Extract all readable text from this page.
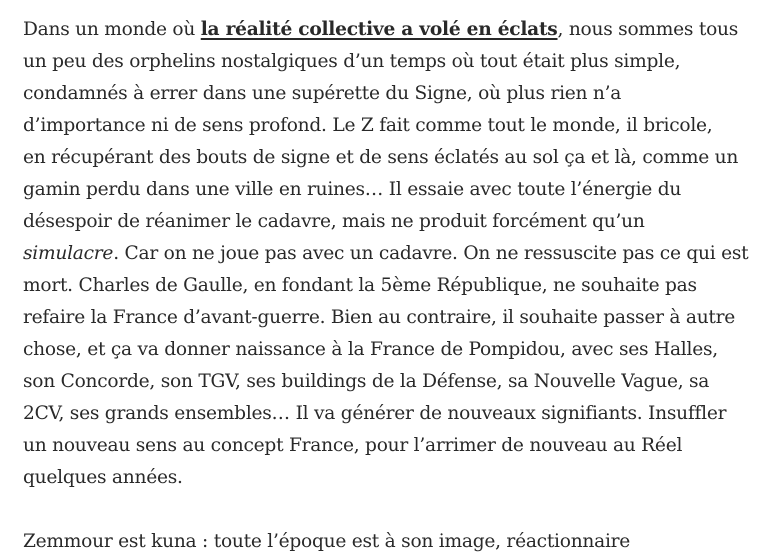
Dans un monde où la réalité collective a volé en éclats, nous sommes tous
un peu des orphelins nostalgiques d’un temps où tout était plus simple,
condamnés à errer dans une supérette du Signe, où plus rien n’a
d’importance ni de sens profond. Le Z fait comme tout le monde, il bricole,
en récupérant des bouts de signe et de sens éclatés au sol ça et là, comme un
gamin perdu dans une ville en ruines… Il essaie avec toute l’énergie du
désespoir de réanimer le cadavre, mais ne produit forcément qu’un
simulacre. Car on ne joue pas avec un cadavre. On ne ressuscite pas ce qui est
mort. Charles de Gaulle, en fondant la 5ème République, ne souhaite pas
refaire la France d’avant-guerre. Bien au contraire, il souhaite passer à autre
chose, et ça va donner naissance à la France de Pompidou, avec ses Halles,
son Concorde, son TGV, ses buildings de la Défense, sa Nouvelle Vague, sa
2CV, ses grands ensembles… Il va générer de nouveaux signifiants. Insuffler
un nouveau sens au concept France, pour l’arrimer de nouveau au Réel
quelques années.

Zemmour est kuna : toute l’époque est à son image, réactionnaire
